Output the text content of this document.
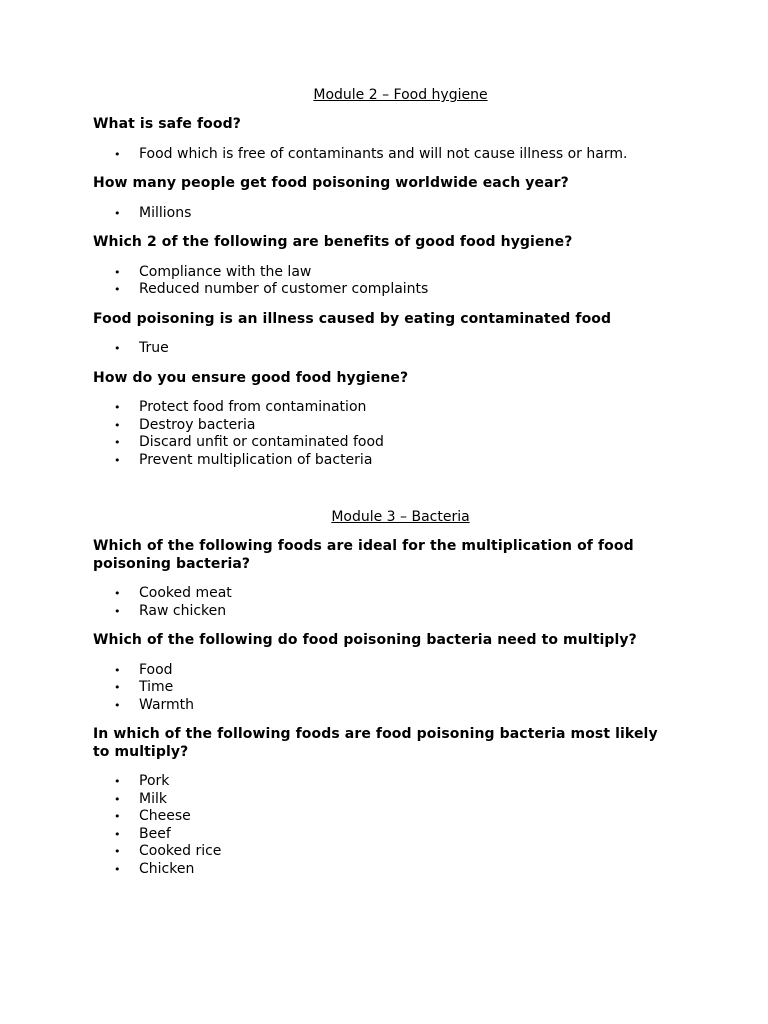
Module 2 – Food hygiene

What is safe food?

• Food which is free of contaminants and will not cause illness or harm.

How many people get food poisoning worldwide each year?

• Millions

Which 2 of the following are benefits of good food hygiene?

• Compliance with the law
• Reduced number of customer complaints

Food poisoning is an illness caused by eating contaminated food

• True

How do you ensure good food hygiene?

• Protect food from contamination
• Destroy bacteria
• Discard unfit or contaminated food
• Prevent multiplication of bacteria
Module 3 – Bacteria

Which of the following foods are ideal for the multiplication of food poisoning bacteria?

• Cooked meat
• Raw chicken

Which of the following do food poisoning bacteria need to multiply?

• Food
• Time
• Warmth

In which of the following foods are food poisoning bacteria most likely to multiply?

• Pork
• Milk
• Cheese
• Beef
• Cooked rice
• Chicken
